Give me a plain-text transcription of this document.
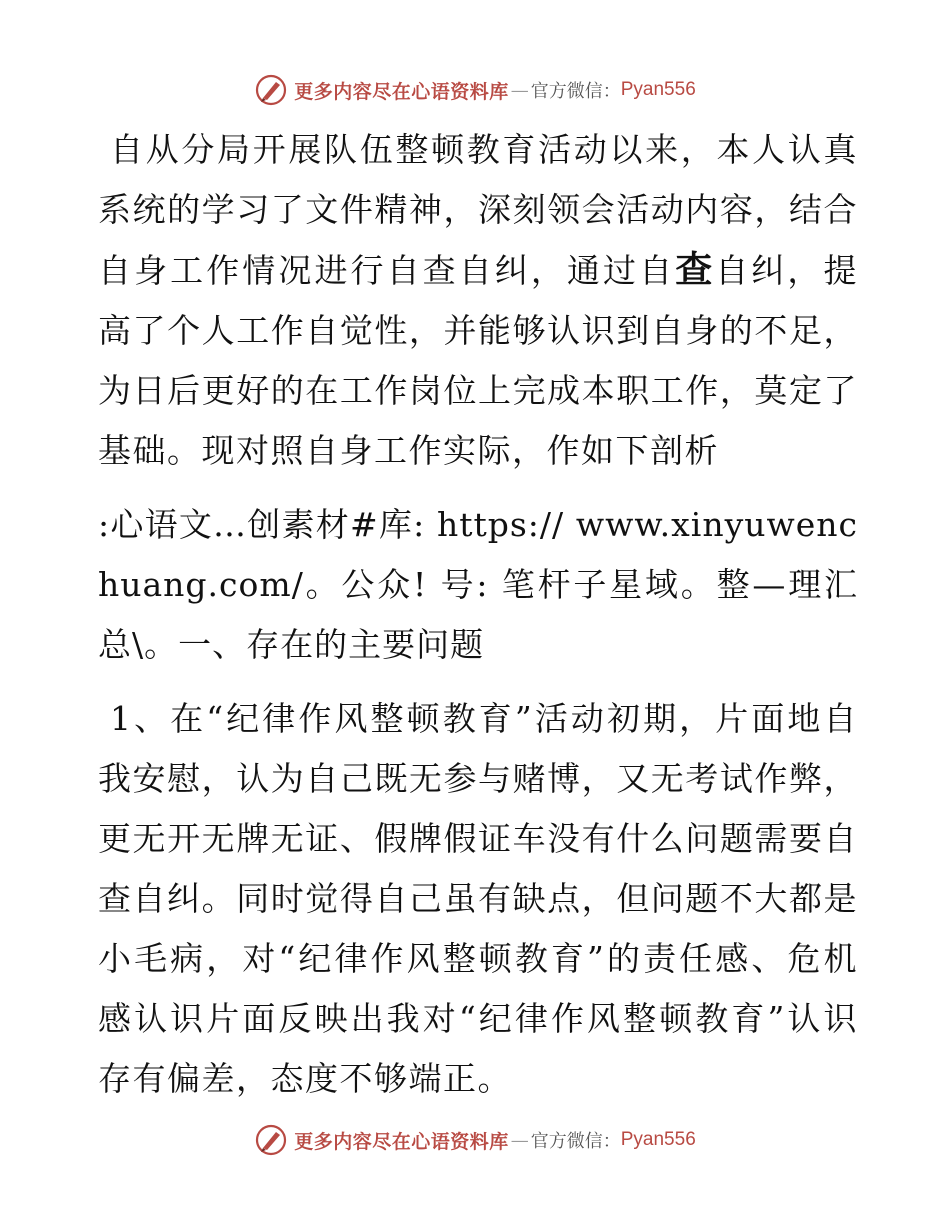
更多内容尽在心语资料库 — 官方微信： Pyan556

自从分局开展队伍整顿教育活动以来，本人认真系统的学习了文件精神，深刻领会活动内容，结合自身工作情况进行自查自纠，通过自查自纠，提高了个人工作自觉性，并能够认识到自身的不足，为日后更好的在工作岗位上完成本职工作，莫定了基础。现对照自身工作实际，作如下剖析

:心语文…创素材#库: https:// www.xinyuwenchuang.com/。公众! 号: 笔杆子星域。整—理汇总\。一、存在的主要问题

1、在“纪律作风整顿教育”活动初期，片面地自我安慰，认为自己既无参与赌博，又无考试作弊，更无开无牌无证、假牌假证车没有什么问题需要自查自纠。同时觉得自己虽有缺点，但问题不大都是小毛病，对“纪律作风整顿教育”的责任感、危机感认识片面反映出我对“纪律作风整顿教育”认识存有偏差，态度不够端正。

更多内容尽在心语资料库 — 官方微信： Pyan556
